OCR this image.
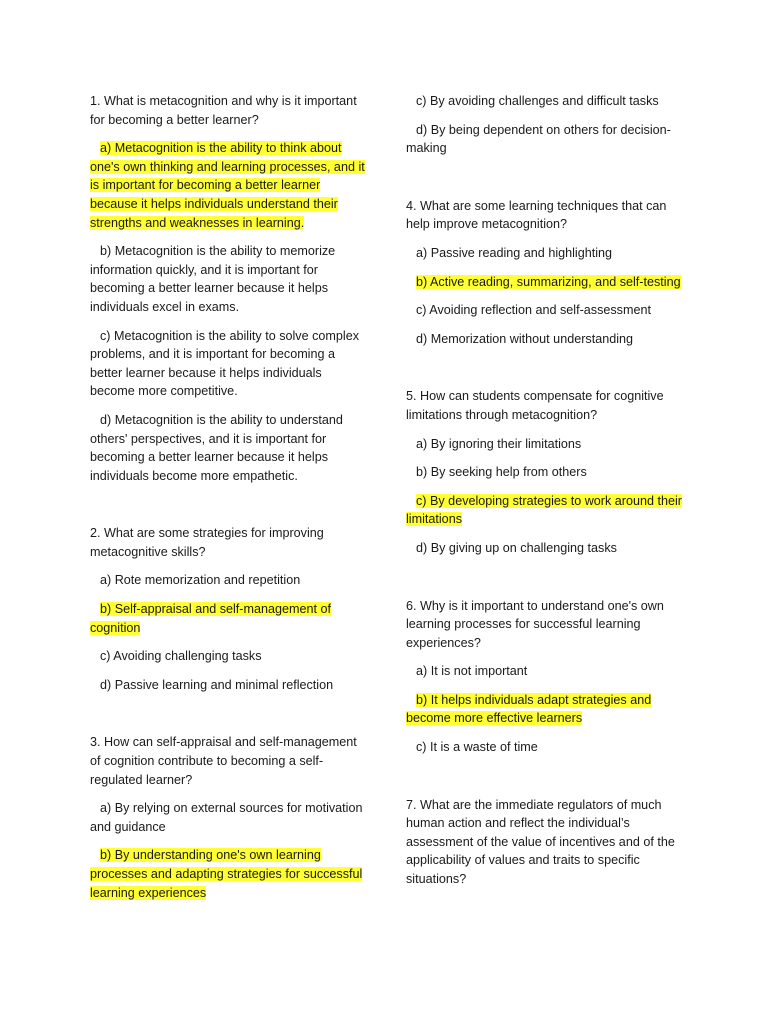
1. What is metacognition and why is it important for becoming a better learner?

a) Metacognition is the ability to think about one's own thinking and learning processes, and it is important for becoming a better learner because it helps individuals understand their strengths and weaknesses in learning.

b) Metacognition is the ability to memorize information quickly, and it is important for becoming a better learner because it helps individuals excel in exams.

c) Metacognition is the ability to solve complex problems, and it is important for becoming a better learner because it helps individuals become more competitive.

d) Metacognition is the ability to understand others' perspectives, and it is important for becoming a better learner because it helps individuals become more empathetic.

2. What are some strategies for improving metacognitive skills?

a) Rote memorization and repetition

b) Self-appraisal and self-management of cognition

c) Avoiding challenging tasks

d) Passive learning and minimal reflection

3. How can self-appraisal and self-management of cognition contribute to becoming a self-regulated learner?

a) By relying on external sources for motivation and guidance

b) By understanding one's own learning processes and adapting strategies for successful learning experiences

c) By avoiding challenges and difficult tasks

d) By being dependent on others for decision-making

4. What are some learning techniques that can help improve metacognition?

a) Passive reading and highlighting

b) Active reading, summarizing, and self-testing

c) Avoiding reflection and self-assessment

d) Memorization without understanding

5. How can students compensate for cognitive limitations through metacognition?

a) By ignoring their limitations

b) By seeking help from others

c) By developing strategies to work around their limitations

d) By giving up on challenging tasks

6. Why is it important to understand one's own learning processes for successful learning experiences?

a) It is not important

b) It helps individuals adapt strategies and become more effective learners

c) It is a waste of time

7. What are the immediate regulators of much human action and reflect the individual’s assessment of the value of incentives and of the applicability of values and traits to specific situations?
